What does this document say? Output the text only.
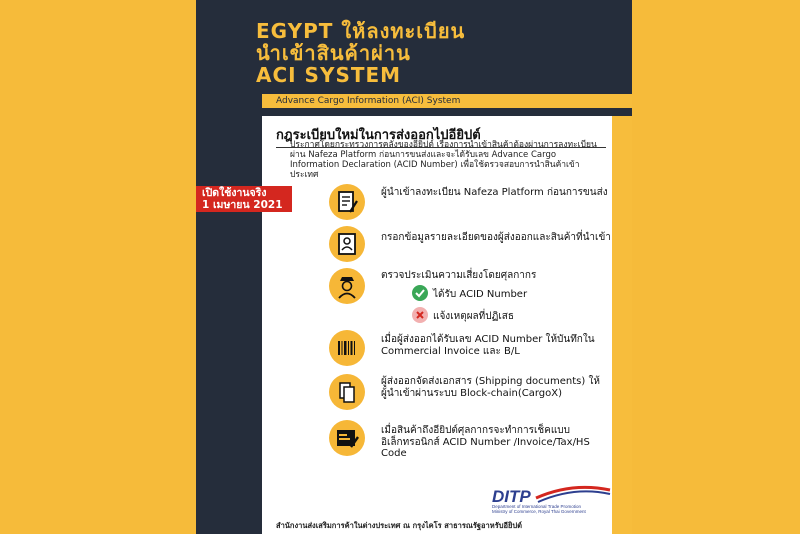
EGYPT ให้ลงทะเบียน
นำเข้าสินค้าผ่าน
ACI SYSTEM
Advance Cargo Information (ACI) System
กฎระเบียบใหม่ในการส่งออกไปอียิปต์
ประกาศโดยกระทรวงการคลังของอียิปต์ เรื่องการนำเข้าสินค้าต้องผ่านการลงทะเบียนผ่าน Nafeza Platform ก่อนการขนส่งและจะได้รับเลข Advance Cargo Information Declaration (ACID Number) เพื่อใช้ตรวจสอบการนำสินค้าเข้าประเทศ
เปิดใช้งานจริง
1 เมษายน 2021
ผู้นำเข้าลงทะเบียน Nafeza Platform ก่อนการขนส่ง
กรอกข้อมูลรายละเอียดของผู้ส่งออกและสินค้าที่นำเข้า
ตรวจประเมินความเสี่ยงโดยศุลกากร
ได้รับ ACID Number
แจ้งเหตุผลที่ปฏิเสธ
เมื่อผู้ส่งออกได้รับเลข ACID Number ให้บันทึกใน Commercial Invoice และ B/L
ผู้ส่งออกจัดส่งเอกสาร (Shipping documents) ให้ผู้นำเข้าผ่านระบบ Block-chain(CargoX)
เมื่อสินค้าถึงอียิปต์ศุลกากรจะทำการเช็คแบบอิเล็กทรอนิกส์ ACID Number /Invoice/Tax/HS Code
DITP
Department of International Trade Promotion
Ministry of Commerce, Royal Thai Government
สำนักงานส่งเสริมการค้าในต่างประเทศ ณ กรุงไคโร สาธารณรัฐอาหรับอียิปต์
